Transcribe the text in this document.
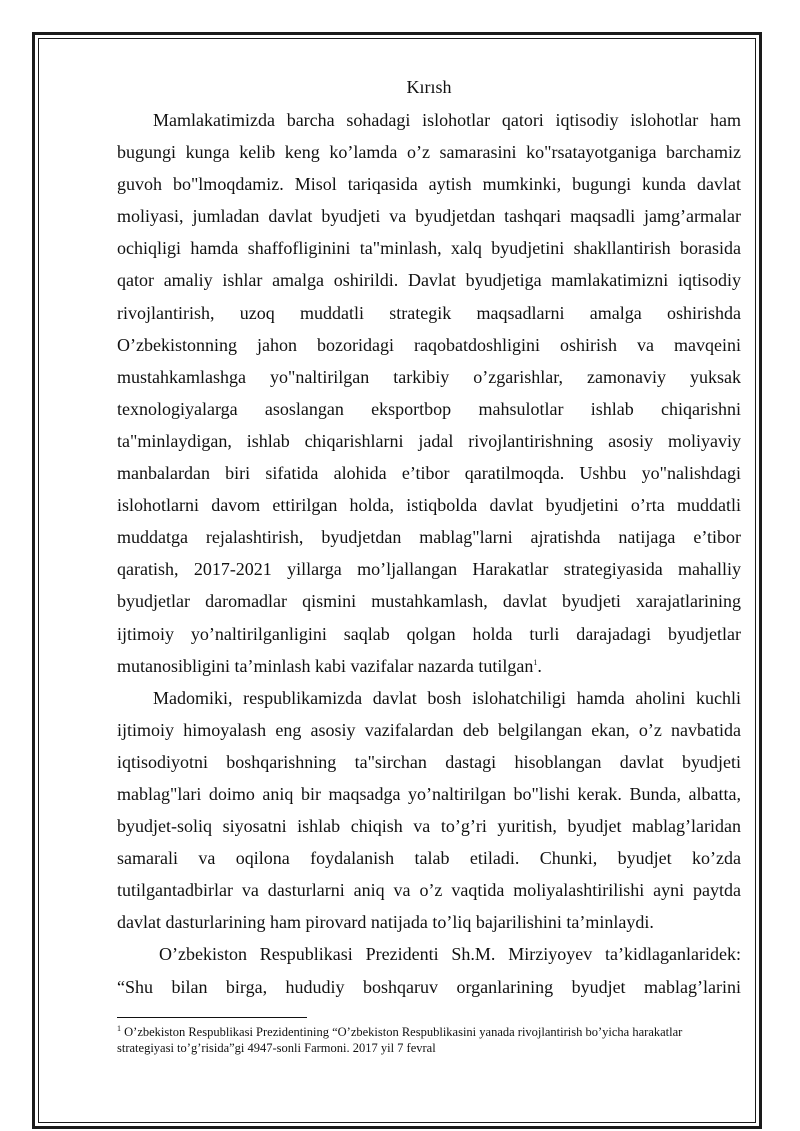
Kırısh
Mamlakatimizda barcha sohadagi islohotlar qatori iqtisodiy islohotlar ham
bugungi kunga kelib keng ko’lamda o’z samarasini ko"rsatayotganiga barchamiz
guvoh bo"lmoqdamiz. Misol tariqasida aytish mumkinki, bugungi kunda davlat
moliyasi, jumladan davlat byudjeti va byudjetdan tashqari maqsadli jamg’armalar
ochiqligi hamda shaffofliginini ta"minlash, xalq byudjetini shakllantirish borasida
qator amaliy ishlar amalga oshirildi. Davlat byudjetiga mamlakatimizni iqtisodiy
rivojlantirish, uzoq muddatli strategik maqsadlarni amalga oshirishda
O’zbekistonning jahon bozoridagi raqobatdoshligini oshirish va mavqeini
mustahkamlashga yo"naltirilgan tarkibiy o’zgarishlar, zamonaviy yuksak
texnologiyalarga asoslangan eksportbop mahsulotlar ishlab chiqarishni
ta"minlaydigan, ishlab chiqarishlarni jadal rivojlantirishning asosiy moliyaviy
manbalardan biri sifatida alohida e’tibor qaratilmoqda. Ushbu yo"nalishdagi
islohotlarni davom ettirilgan holda, istiqbolda davlat byudjetini o’rta muddatli
muddatga rejalashtirish, byudjetdan mablag"larni ajratishda natijaga e’tibor
qaratish, 2017-2021 yillarga mo’ljallangan Harakatlar strategiyasida mahalliy
byudjetlar daromadlar qismini mustahkamlash, davlat byudjeti xarajatlarining
ijtimoiy yo’naltirilganligini saqlab qolgan holda turli darajadagi byudjetlar
mutanosibligini ta’minlash kabi vazifalar nazarda tutilgan$^1$.
Madomiki, respublikamizda davlat bosh islohatchiligi hamda aholini kuchli
ijtimoiy himoyalash eng asosiy vazifalardan deb belgilangan ekan, o’z navbatida
iqtisodiyotni boshqarishning ta"sirchan dastagi hisoblangan davlat byudjeti
mablag"lari doimo aniq bir maqsadga yo’naltirilgan bo"lishi kerak. Bunda, albatta,
byudjet-soliq siyosatni ishlab chiqish va to’g’ri yuritish, byudjet mablag’laridan
samarali va oqilona foydalanish talab etiladi. Chunki, byudjet ko’zda
tutilgantadbirlar va dasturlarni aniq va o’z vaqtida moliyalashtirilishi ayni paytda
davlat dasturlarining ham pirovard natijada to’liq bajarilishini ta’minlaydi.
O’zbekiston Respublikasi Prezidenti Sh.M. Mirziyoyev ta’kidlaganlaridek:
“Shu bilan birga, hududiy boshqaruv organlarining byudjet mablag’larini
$^1$ O’zbekiston Respublikasi Prezidentining “O’zbekiston Respublikasini yanada rivojlantirish bo’yicha harakatlar
strategiyasi to’g’risida”gi 4947-sonli Farmoni. 2017 yil 7 fevral
